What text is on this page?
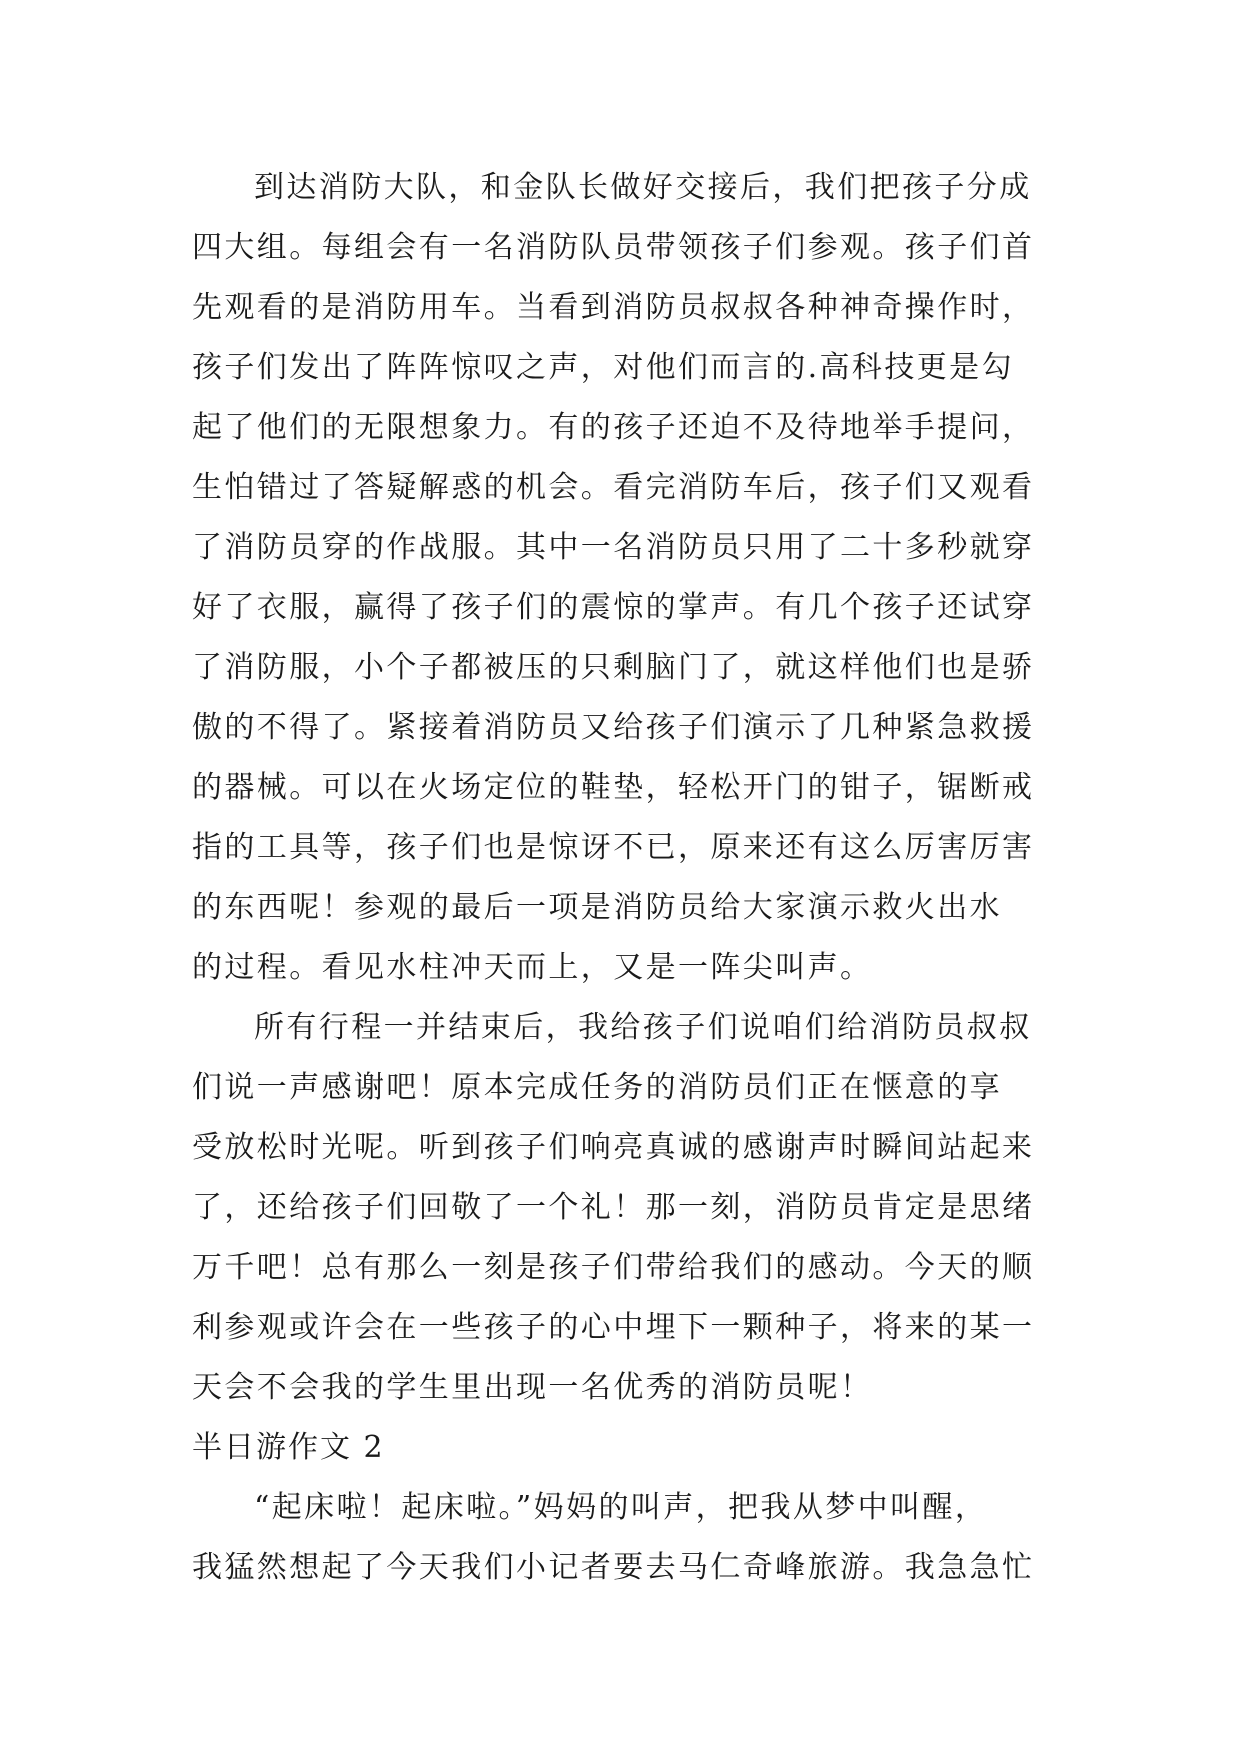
到达消防大队，和金队长做好交接后，我们把孩子分成
四大组。每组会有一名消防队员带领孩子们参观。孩子们首
先观看的是消防用车。当看到消防员叔叔各种神奇操作时，
孩子们发出了阵阵惊叹之声，对他们而言的.高科技更是勾
起了他们的无限想象力。有的孩子还迫不及待地举手提问，
生怕错过了答疑解惑的机会。看完消防车后，孩子们又观看
了消防员穿的作战服。其中一名消防员只用了二十多秒就穿
好了衣服，赢得了孩子们的震惊的掌声。有几个孩子还试穿
了消防服，小个子都被压的只剩脑门了，就这样他们也是骄
傲的不得了。紧接着消防员又给孩子们演示了几种紧急救援
的器械。可以在火场定位的鞋垫，轻松开门的钳子，锯断戒
指的工具等，孩子们也是惊讶不已，原来还有这么厉害厉害
的东西呢！参观的最后一项是消防员给大家演示救火出水
的过程。看见水柱冲天而上，又是一阵尖叫声。
所有行程一并结束后，我给孩子们说咱们给消防员叔叔
们说一声感谢吧！原本完成任务的消防员们正在惬意的享
受放松时光呢。听到孩子们响亮真诚的感谢声时瞬间站起来
了，还给孩子们回敬了一个礼！那一刻，消防员肯定是思绪
万千吧！总有那么一刻是孩子们带给我们的感动。今天的顺
利参观或许会在一些孩子的心中埋下一颗种子，将来的某一
天会不会我的学生里出现一名优秀的消防员呢！
半日游作文 2
“起床啦！起床啦。”妈妈的叫声，把我从梦中叫醒，
我猛然想起了今天我们小记者要去马仁奇峰旅游。我急急忙
